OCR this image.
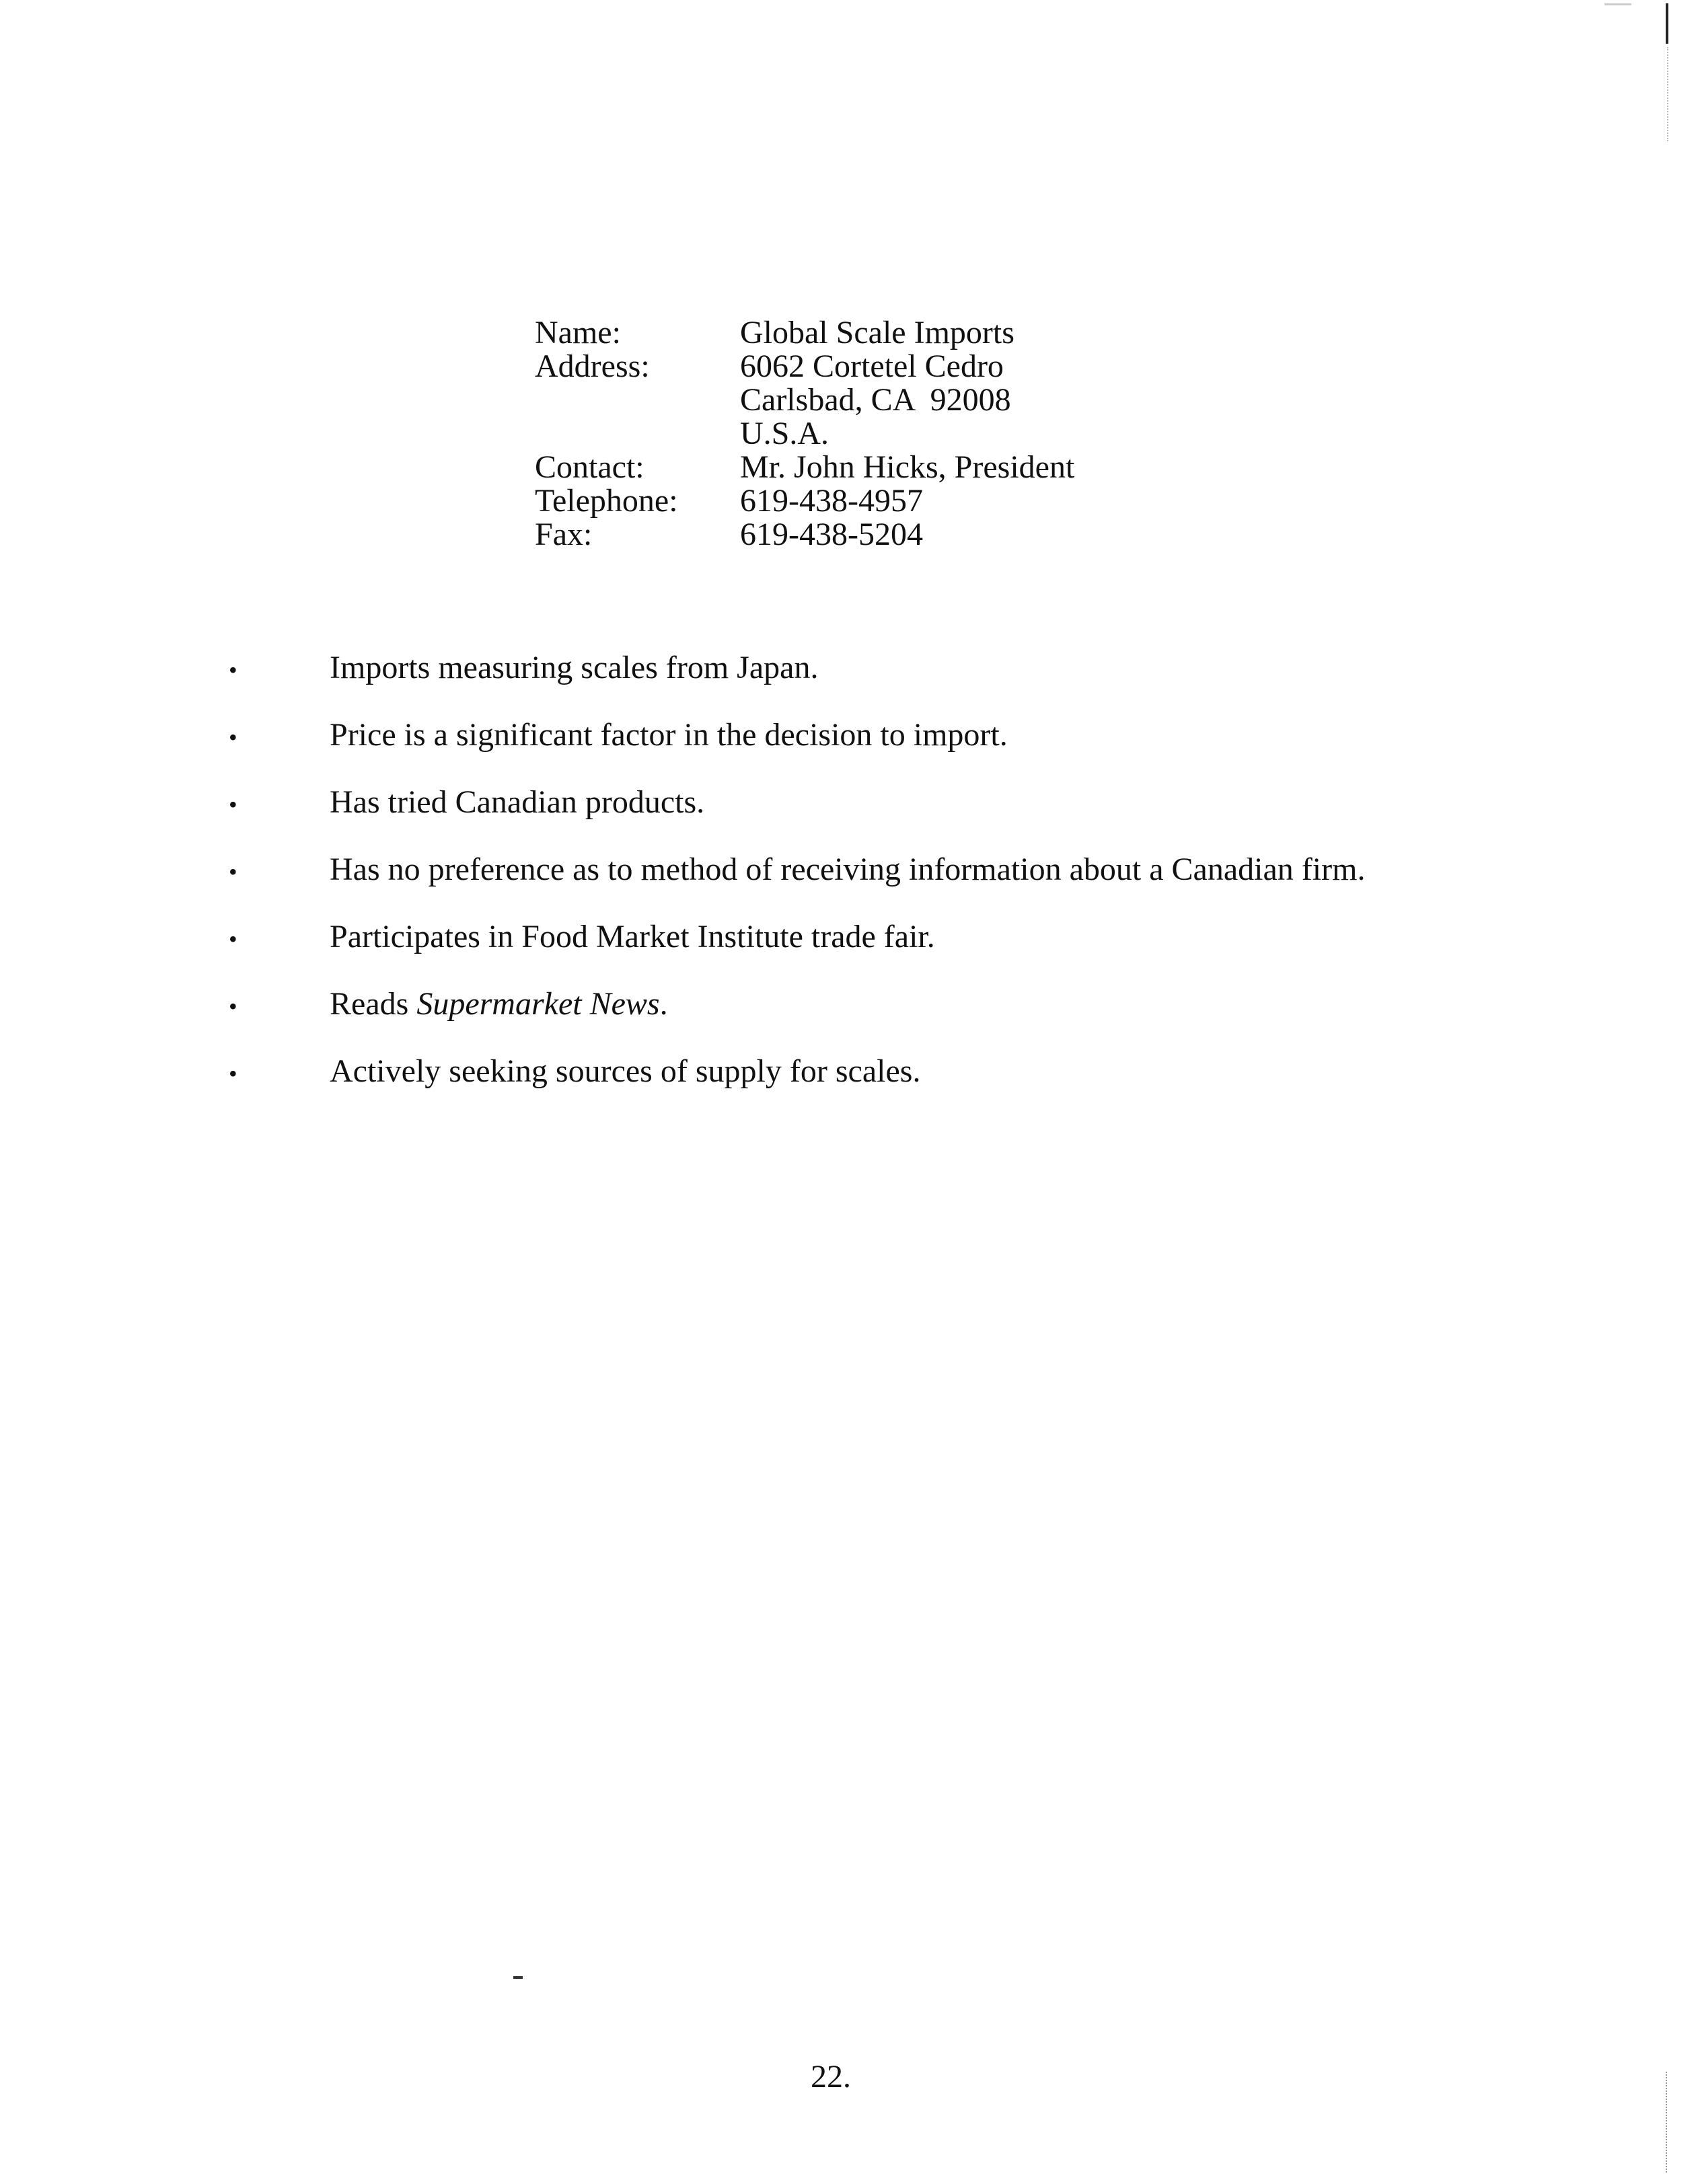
Name:	Global Scale Imports
Address:	6062 Cortetel Cedro
Carlsbad, CA  92008
U.S.A.
Contact:	Mr. John Hicks, President
Telephone:	619-438-4957
Fax:	619-438-5204
•	Imports measuring scales from Japan.
•	Price is a significant factor in the decision to import.
•	Has tried Canadian products.
•	Has no preference as to method of receiving information about a Canadian firm.
•	Participates in Food Market Institute trade fair.
•	Reads Supermarket News.
•	Actively seeking sources of supply for scales.
22.
